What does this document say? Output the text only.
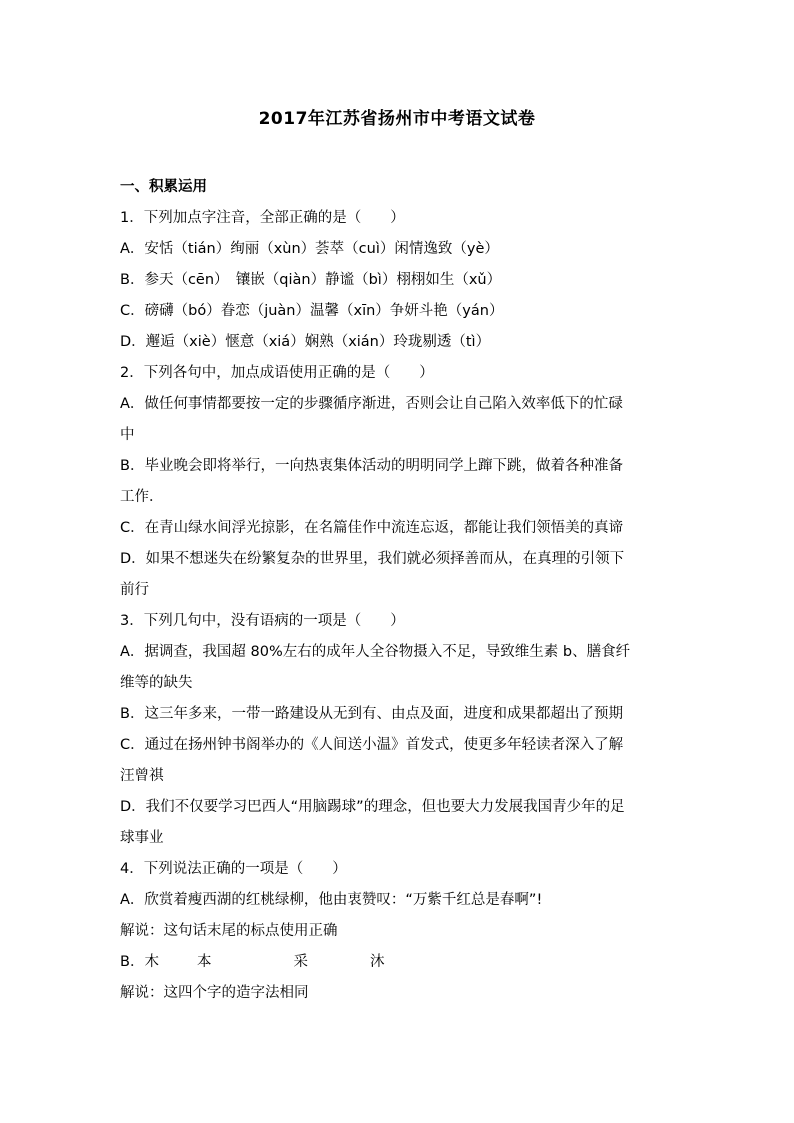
2017年江苏省扬州市中考语文试卷
一、积累运用
1．下列加点字注音，全部正确的是（　　）
A．安恬（tián）绚丽（xùn）荟萃（cuì）闲情逸致（yè）
B．参天（cēn）　镶嵌（qiàn）静谧（bì）栩栩如生（xǔ）
C．磅礴（bó）眷恋（juàn）温馨（xīn）争妍斗艳（yán）
D．邂逅（xiè）惬意（xiá）娴熟（xián）玲珑剔透（tì）
2．下列各句中，加点成语使用正确的是（　　）
A．做任何事情都要按一定的步骤循序渐进，否则会让自己陷入效率低下的忙碌
中
B．毕业晚会即将举行，一向热衷集体活动的明明同学上蹿下跳，做着各种准备
工作．
C．在青山绿水间浮光掠影，在名篇佳作中流连忘返，都能让我们领悟美的真谛
D．如果不想迷失在纷繁复杂的世界里，我们就必须择善而从，在真理的引领下
前行
3．下列几句中，没有语病的一项是（　　）
A．据调查，我国超 80%左右的成年人全谷物摄入不足，导致维生素 b、膳食纤
维等的缺失
B．这三年多来，一带一路建设从无到有、由点及面，进度和成果都超出了预期
C．通过在扬州钟书阁举办的《人间送小温》首发式，使更多年轻读者深入了解
汪曾祺
D．我们不仅要学习巴西人“用脑踢球”的理念，但也要大力发展我国青少年的足
球事业
4．下列说法正确的一项是（　　）
A．欣赏着瘦西湖的红桃绿柳，他由衷赞叹：“万紫千红总是春啊”!
解说：这句话末尾的标点使用正确
B．木	本	采	沐
解说：这四个字的造字法相同
